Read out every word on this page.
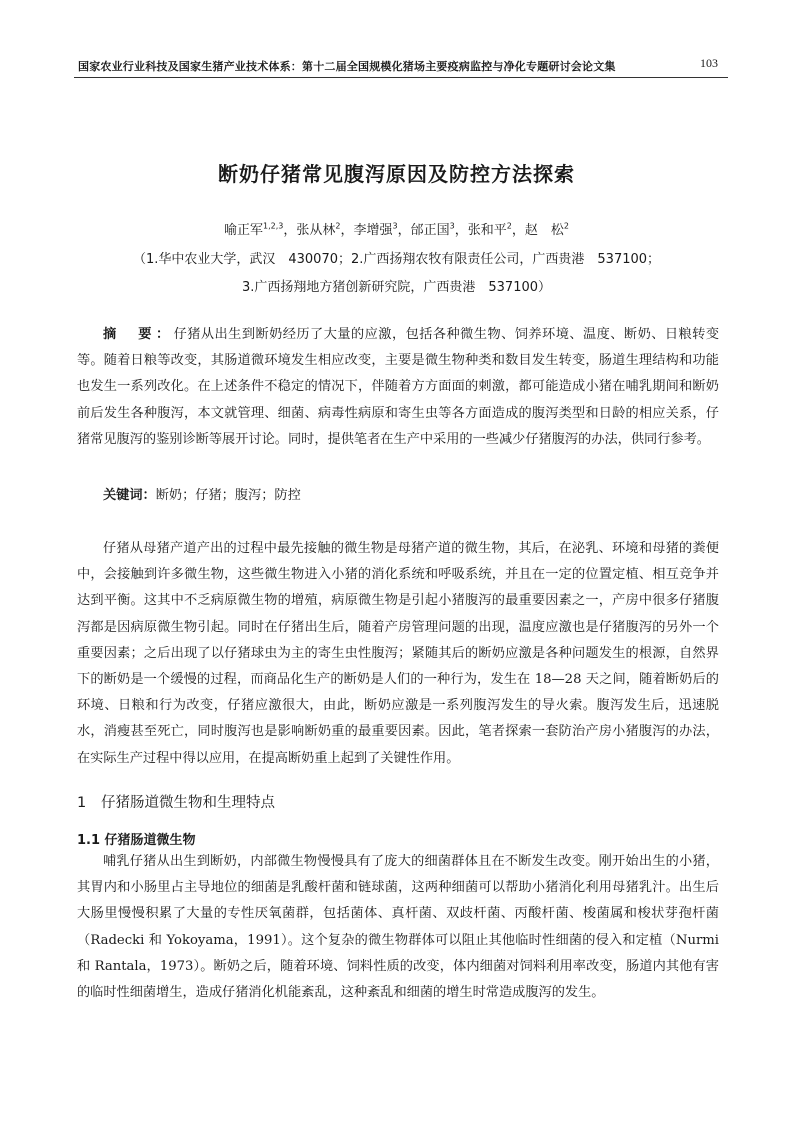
国家农业行业科技及国家生猪产业技术体系：第十二届全国规模化猪场主要疫病监控与净化专题研讨会论文集	103
断奶仔猪常见腹泻原因及防控方法探索
喻正军$^{1,2,3}$，张从林$^2$，李增强$^3$，邰正国$^3$，张和平$^2$，赵　松$^2$
（1.华中农业大学，武汉　430070；2.广西扬翔农牧有限责任公司，广西贵港　537100；
3.广西扬翔地方猪创新研究院，广西贵港　537100）
摘　要：仔猪从出生到断奶经历了大量的应激，包括各种微生物、饲养环境、温度、断奶、日粮转变等。随着日粮等改变，其肠道微环境发生相应改变，主要是微生物种类和数目发生转变，肠道生理结构和功能也发生一系列改化。在上述条件不稳定的情况下，伴随着方方面面的刺激，都可能造成小猪在哺乳期间和断奶前后发生各种腹泻，本文就管理、细菌、病毒性病原和寄生虫等各方面造成的腹泻类型和日龄的相应关系，仔猪常见腹泻的鉴别诊断等展开讨论。同时，提供笔者在生产中采用的一些减少仔猪腹泻的办法，供同行参考。
关键词：断奶；仔猪；腹泻；防控
仔猪从母猪产道产出的过程中最先接触的微生物是母猪产道的微生物，其后，在泌乳、环境和母猪的粪便中，会接触到许多微生物，这些微生物进入小猪的消化系统和呼吸系统，并且在一定的位置定植、相互竞争并达到平衡。这其中不乏病原微生物的增殖，病原微生物是引起小猪腹泻的最重要因素之一，产房中很多仔猪腹泻都是因病原微生物引起。同时在仔猪出生后，随着产房管理问题的出现，温度应激也是仔猪腹泻的另外一个重要因素；之后出现了以仔猪球虫为主的寄生虫性腹泻；紧随其后的断奶应激是各种问题发生的根源，自然界下的断奶是一个缓慢的过程，而商品化生产的断奶是人们的一种行为，发生在 18—28 天之间，随着断奶后的环境、日粮和行为改变，仔猪应激很大，由此，断奶应激是一系列腹泻发生的导火索。腹泻发生后，迅速脱水，消瘦甚至死亡，同时腹泻也是影响断奶重的最重要因素。因此，笔者探索一套防治产房小猪腹泻的办法，在实际生产过程中得以应用，在提高断奶重上起到了关键性作用。
1 仔猪肠道微生物和生理特点
1.1 仔猪肠道微生物
哺乳仔猪从出生到断奶，内部微生物慢慢具有了庞大的细菌群体且在不断发生改变。刚开始出生的小猪，其胃内和小肠里占主导地位的细菌是乳酸杆菌和链球菌，这两种细菌可以帮助小猪消化利用母猪乳汁。出生后大肠里慢慢积累了大量的专性厌氧菌群，包括菌体、真杆菌、双歧杆菌、丙酸杆菌、梭菌属和梭状芽孢杆菌（Radecki 和 Yokoyama，1991）。这个复杂的微生物群体可以阻止其他临时性细菌的侵入和定植（Nurmi 和 Rantala，1973）。断奶之后，随着环境、饲料性质的改变，体内细菌对饲料利用率改变，肠道内其他有害的临时性细菌增生，造成仔猪消化机能紊乱，这种紊乱和细菌的增生时常造成腹泻的发生。
